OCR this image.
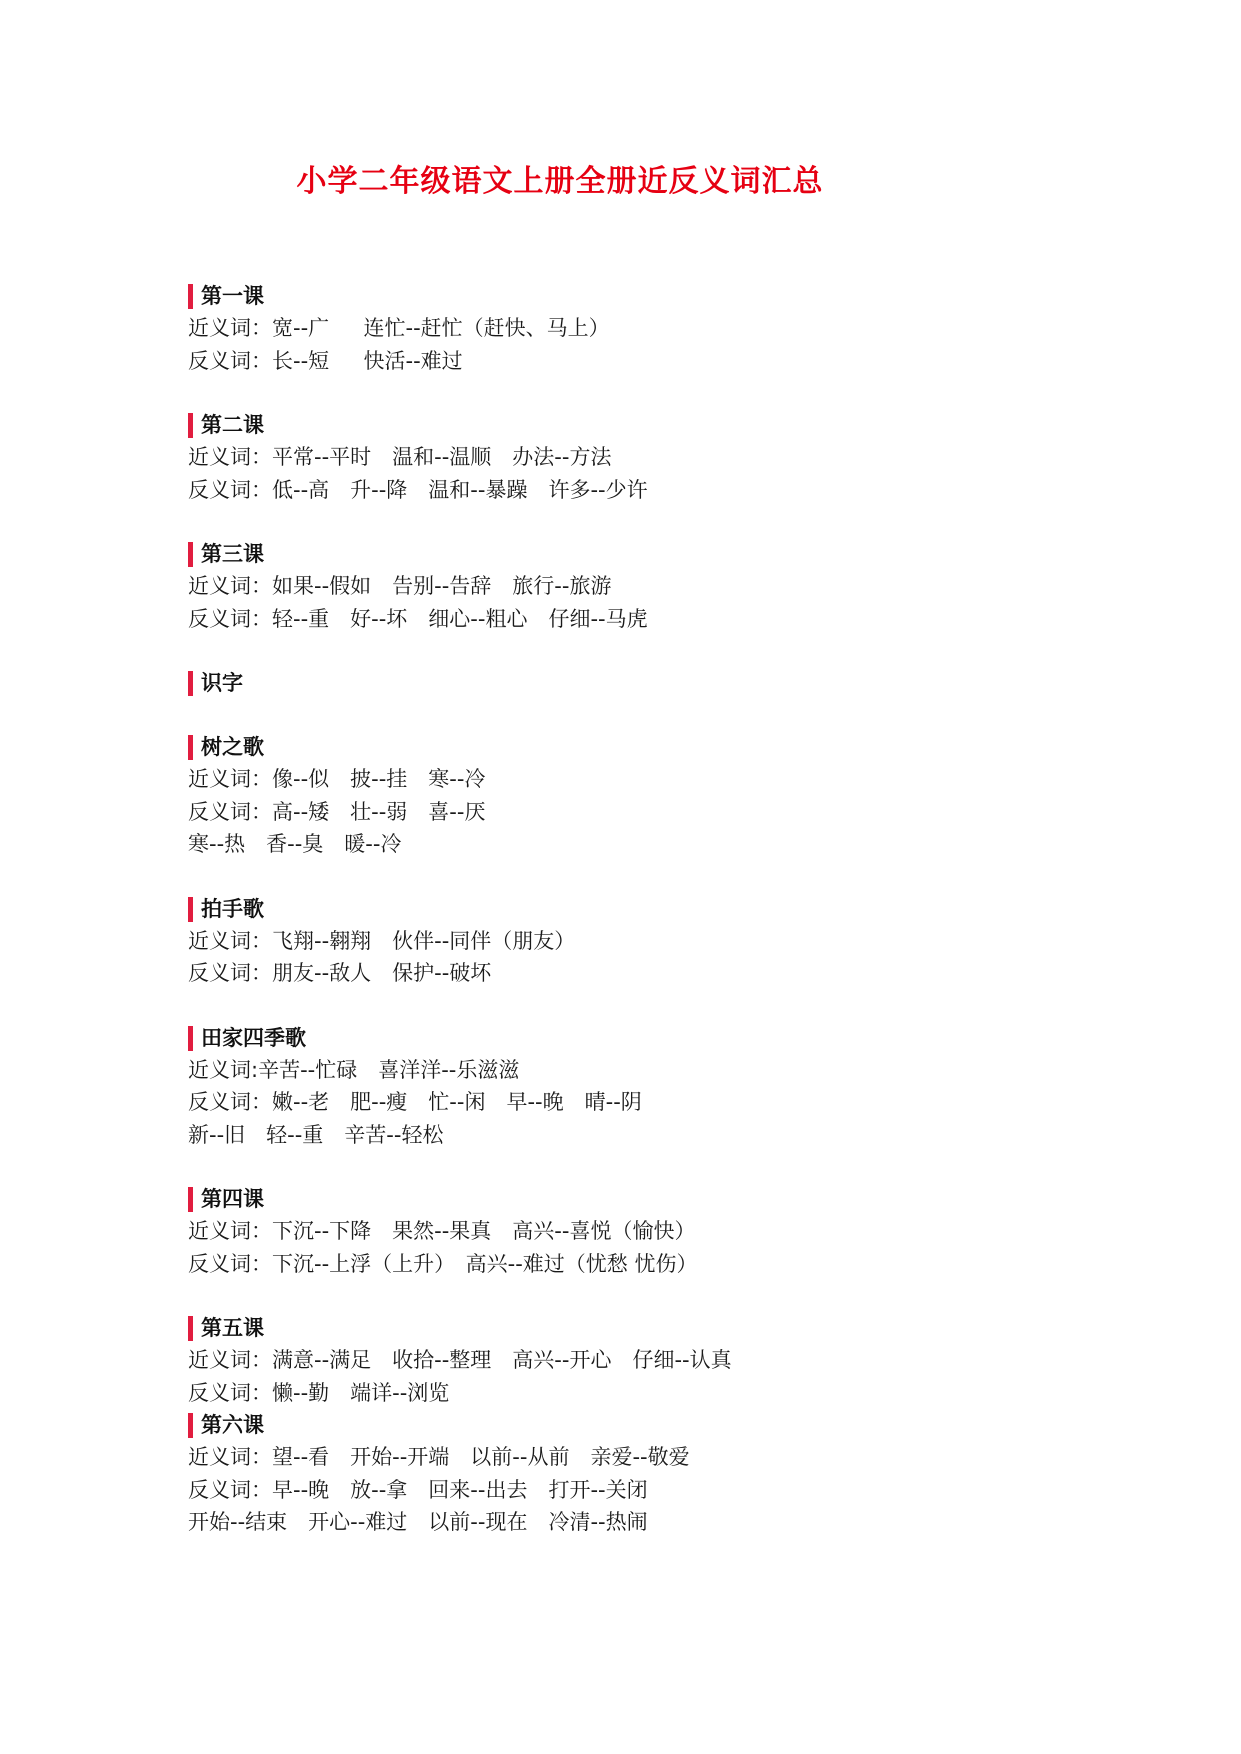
小学二年级语文上册全册近反义词汇总
第一课
近义词：宽--广　  连忙--赶忙（赶快、马上）
反义词：长--短　  快活--难过
第二课
近义词：平常--平时　温和--温顺　办法--方法
反义词：低--高　升--降　温和--暴躁　许多--少许
第三课
近义词：如果--假如　告别--告辞　旅行--旅游
反义词：轻--重　好--坏　细心--粗心　仔细--马虎
识字
树之歌
近义词：像--似　披--挂　寒--冷
反义词：高--矮　壮--弱　喜--厌
寒--热　香--臭　暖--冷
拍手歌
近义词：飞翔--翱翔　伙伴--同伴（朋友）
反义词：朋友--敌人　保护--破坏
田家四季歌
近义词:辛苦--忙碌　喜洋洋--乐滋滋
反义词：嫩--老　肥--瘦　忙--闲　早--晚　晴--阴
新--旧　轻--重　辛苦--轻松
第四课
近义词：下沉--下降　果然--果真　高兴--喜悦（愉快）
反义词：下沉--上浮（上升）　高兴--难过（忧愁 忧伤）
第五课
近义词：满意--满足　收拾--整理　高兴--开心　仔细--认真
反义词：懒--勤　端详--浏览
第六课
近义词：望--看　开始--开端　以前--从前　亲爱--敬爱
反义词：早--晚　放--拿　回来--出去　打开--关闭
开始--结束　开心--难过　以前--现在　冷清--热闹
